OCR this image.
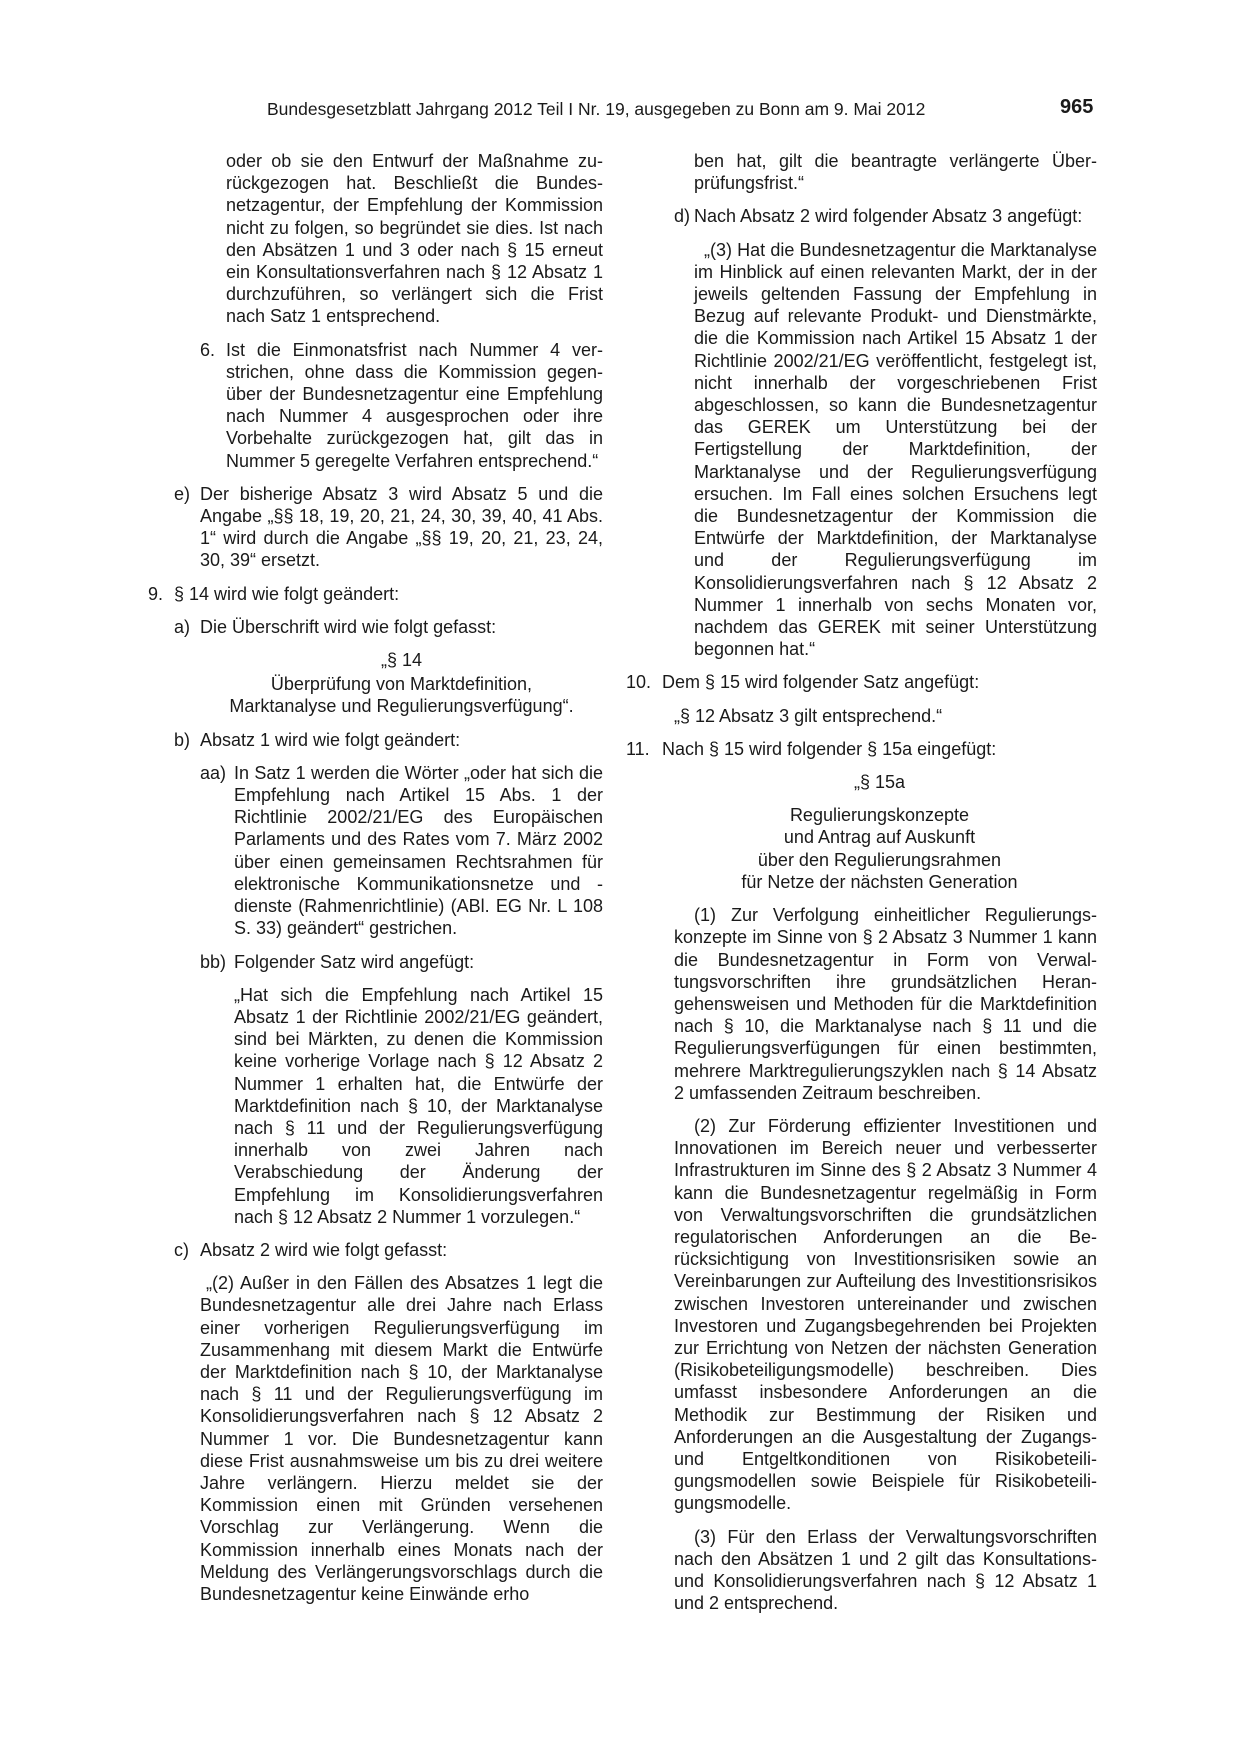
Bundesgesetzblatt Jahrgang 2012 Teil I Nr. 19, ausgegeben zu Bonn am 9. Mai 2012	965
oder ob sie den Entwurf der Maßnahme zurückgezogen hat. Beschließt die Bundesnetzagentur, der Empfehlung der Kommission nicht zu folgen, so begründet sie dies. Ist nach den Absätzen 1 und 3 oder nach § 15 erneut ein Konsultationsverfahren nach § 12 Absatz 1 durchzuführen, so verlängert sich die Frist nach Satz 1 entsprechend.
6. Ist die Einmonatsfrist nach Nummer 4 verstrichen, ohne dass die Kommission gegenüber der Bundesnetzagentur eine Empfehlung nach Nummer 4 ausgesprochen oder ihre Vorbehalte zurückgezogen hat, gilt das in Nummer 5 geregelte Verfahren entsprechend.“
e) Der bisherige Absatz 3 wird Absatz 5 und die Angabe „§§ 18, 19, 20, 21, 24, 30, 39, 40, 41 Abs. 1“ wird durch die Angabe „§§ 19, 20, 21, 23, 24, 30, 39“ ersetzt.
9. § 14 wird wie folgt geändert:
a) Die Überschrift wird wie folgt gefasst:
„§ 14
Überprüfung von Marktdefinition,
Marktanalyse und Regulierungsverfügung“.
b) Absatz 1 wird wie folgt geändert:
aa) In Satz 1 werden die Wörter „oder hat sich die Empfehlung nach Artikel 15 Abs. 1 der Richtlinie 2002/21/EG des Europäischen Parlaments und des Rates vom 7. März 2002 über einen gemeinsamen Rechtsrahmen für elektronische Kommunikationsnetze und -dienste (Rahmenrichtlinie) (ABl. EG Nr. L 108 S. 33) geändert“ gestrichen.
bb) Folgender Satz wird angefügt:
„Hat sich die Empfehlung nach Artikel 15 Absatz 1 der Richtlinie 2002/21/EG geändert, sind bei Märkten, zu denen die Kommission keine vorherige Vorlage nach § 12 Absatz 2 Nummer 1 erhalten hat, die Entwürfe der Marktdefinition nach § 10, der Marktanalyse nach § 11 und der Regulierungsverfügung innerhalb von zwei Jahren nach Verabschiedung der Änderung der Empfehlung im Konsolidierungsverfahren nach § 12 Absatz 2 Nummer 1 vorzulegen.“
c) Absatz 2 wird wie folgt gefasst:
„(2) Außer in den Fällen des Absatzes 1 legt die Bundesnetzagentur alle drei Jahre nach Erlass einer vorherigen Regulierungsverfügung im Zusammenhang mit diesem Markt die Entwürfe der Marktdefinition nach § 10, der Marktanalyse nach § 11 und der Regulierungsverfügung im Konsolidierungsverfahren nach § 12 Absatz 2 Nummer 1 vor. Die Bundesnetzagentur kann diese Frist ausnahmsweise um bis zu drei weitere Jahre verlängern. Hierzu meldet sie der Kommission einen mit Gründen versehenen Vorschlag zur Verlängerung. Wenn die Kommission innerhalb eines Monats nach der Meldung des Verlängerungsvorschlags durch die Bundesnetzagentur keine Einwände erho
ben hat, gilt die beantragte verlängerte Überprüfungsfrist.“
d) Nach Absatz 2 wird folgender Absatz 3 angefügt:
„(3) Hat die Bundesnetzagentur die Marktanalyse im Hinblick auf einen relevanten Markt, der in der jeweils geltenden Fassung der Empfehlung in Bezug auf relevante Produkt- und Dienstmärkte, die die Kommission nach Artikel 15 Absatz 1 der Richtlinie 2002/21/EG veröffentlicht, festgelegt ist, nicht innerhalb der vorgeschriebenen Frist abgeschlossen, so kann die Bundesnetzagentur das GEREK um Unterstützung bei der Fertigstellung der Marktdefinition, der Marktanalyse und der Regulierungsverfügung ersuchen. Im Fall eines solchen Ersuchens legt die Bundesnetzagentur der Kommission die Entwürfe der Marktdefinition, der Marktanalyse und der Regulierungsverfügung im Konsolidierungsverfahren nach § 12 Absatz 2 Nummer 1 innerhalb von sechs Monaten vor, nachdem das GEREK mit seiner Unterstützung begonnen hat.“
10. Dem § 15 wird folgender Satz angefügt:
„§ 12 Absatz 3 gilt entsprechend.“
11. Nach § 15 wird folgender § 15a eingefügt:
„§ 15a
Regulierungskonzepte
und Antrag auf Auskunft
über den Regulierungsrahmen
für Netze der nächsten Generation
(1) Zur Verfolgung einheitlicher Regulierungskonzepte im Sinne von § 2 Absatz 3 Nummer 1 kann die Bundesnetzagentur in Form von Verwaltungsvorschriften ihre grundsätzlichen Herangehensweisen und Methoden für die Marktdefinition nach § 10, die Marktanalyse nach § 11 und die Regulierungsverfügungen für einen bestimmten, mehrere Marktregulierungszyklen nach § 14 Absatz 2 umfassenden Zeitraum beschreiben.
(2) Zur Förderung effizienter Investitionen und Innovationen im Bereich neuer und verbesserter Infrastrukturen im Sinne des § 2 Absatz 3 Nummer 4 kann die Bundesnetzagentur regelmäßig in Form von Verwaltungsvorschriften die grundsätzlichen regulatorischen Anforderungen an die Berücksichtigung von Investitionsrisiken sowie an Vereinbarungen zur Aufteilung des Investitionsrisikos zwischen Investoren untereinander und zwischen Investoren und Zugangsbegehrenden bei Projekten zur Errichtung von Netzen der nächsten Generation (Risikobeteiligungsmodelle) beschreiben. Dies umfasst insbesondere Anforderungen an die Methodik zur Bestimmung der Risiken und Anforderungen an die Ausgestaltung der Zugangs- und Entgeltkonditionen von Risikobeteiligungsmodellen sowie Beispiele für Risikobeteiligungsmodelle.
(3) Für den Erlass der Verwaltungsvorschriften nach den Absätzen 1 und 2 gilt das Konsultations- und Konsolidierungsverfahren nach § 12 Absatz 1 und 2 entsprechend.
